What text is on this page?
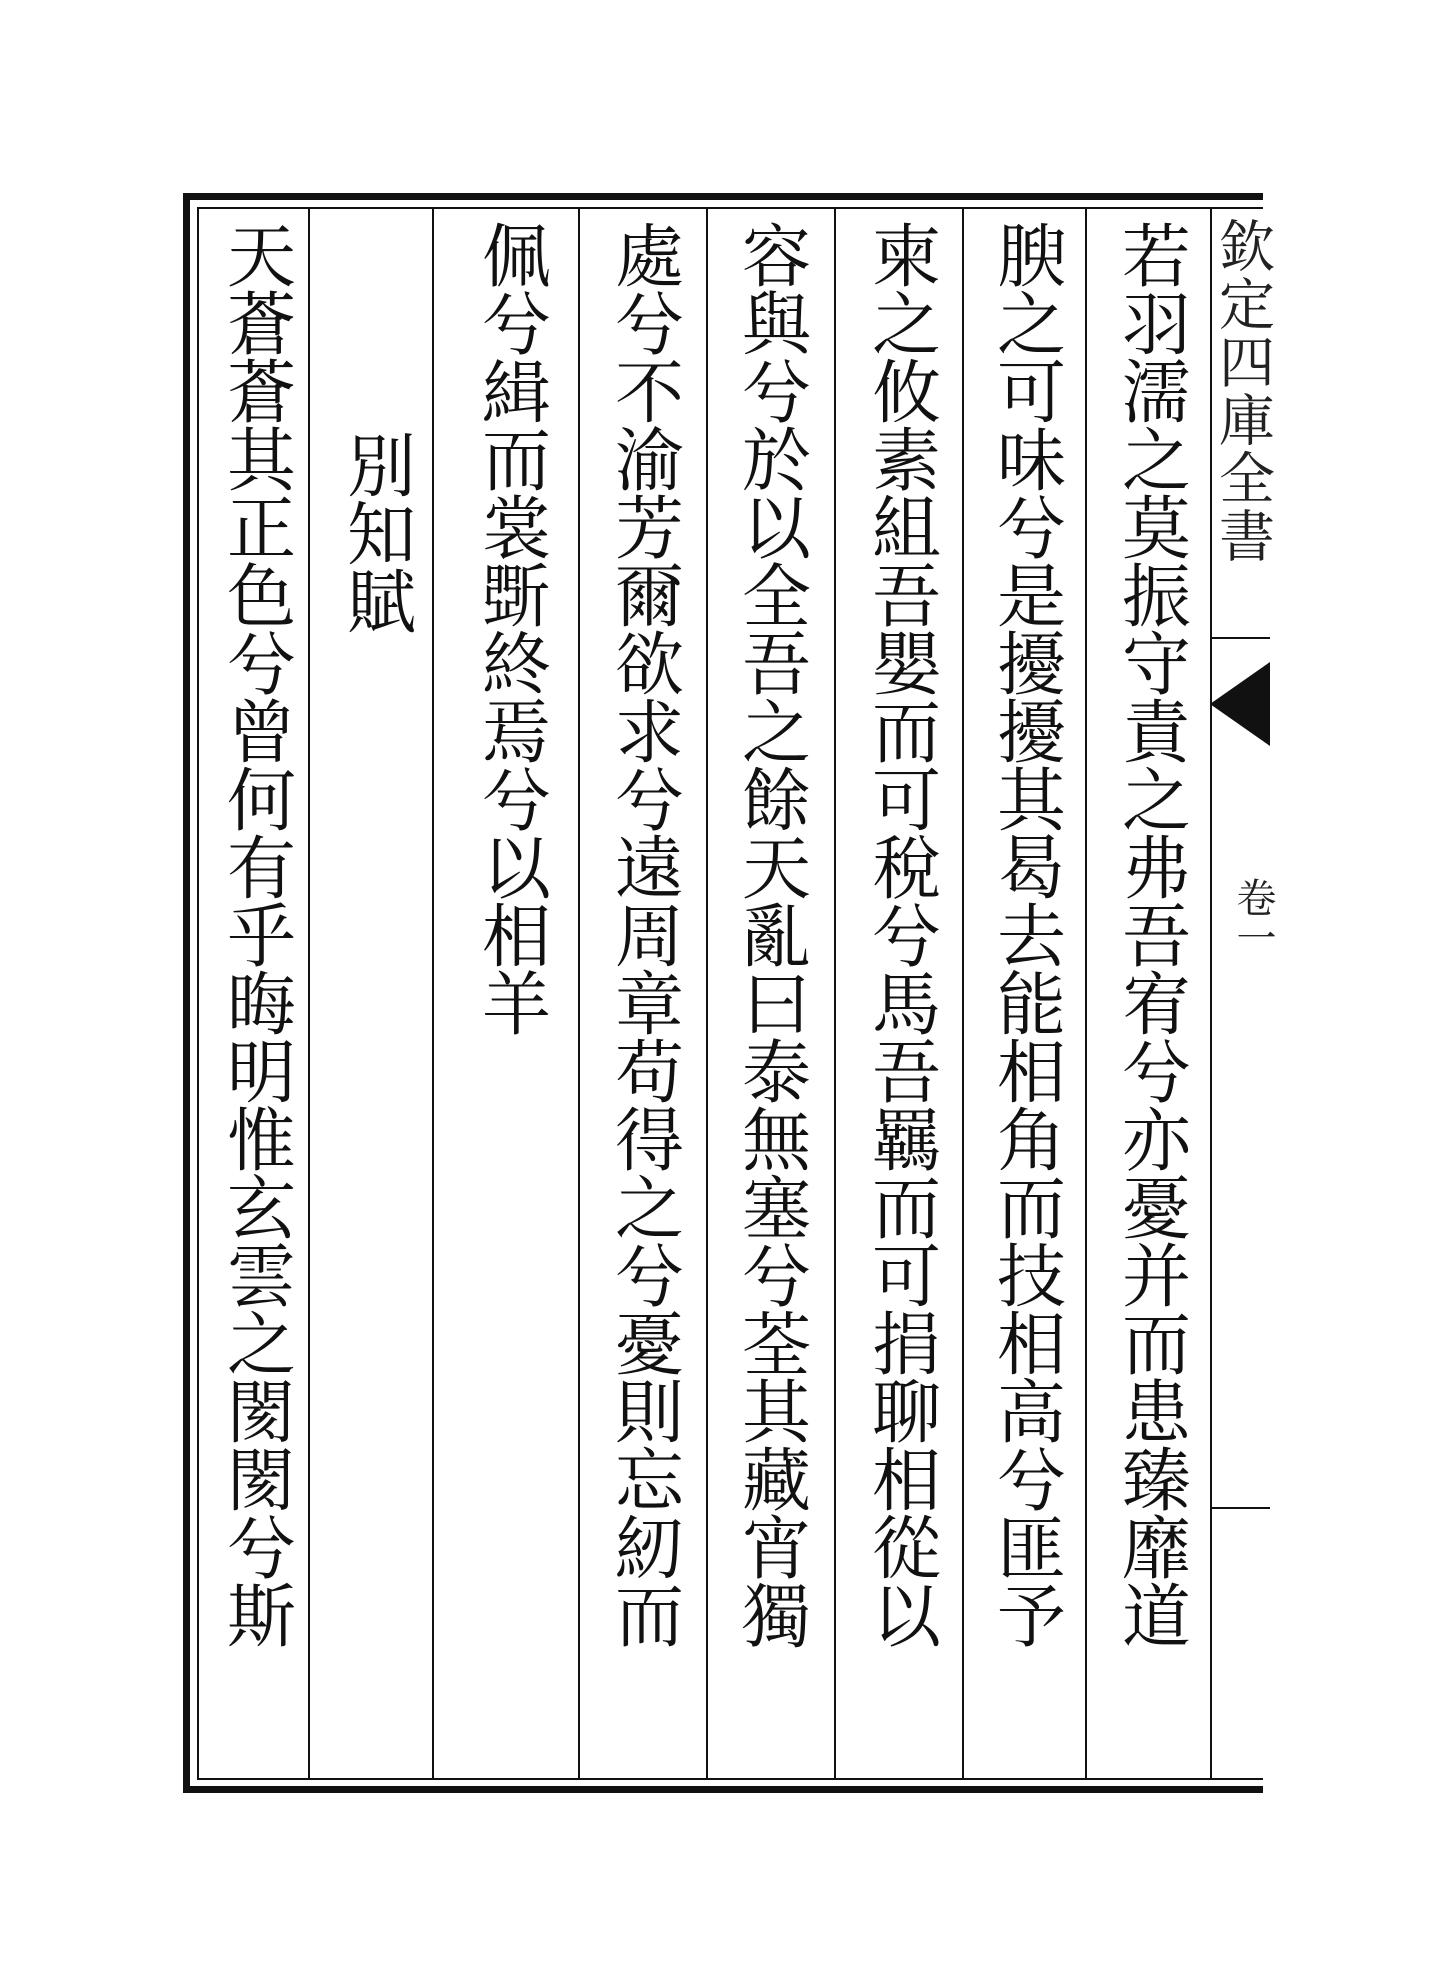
若羽濡之莫振守責之弗吾宥兮亦憂并而患臻靡道
腴之可味兮是擾擾其曷去能相角而技相高兮匪予
柬之攸素組吾嬰而可稅兮馬吾羈而可捐聊相從以
容與兮於以全吾之餘天亂曰泰無塞兮荃其藏宵獨
處兮不渝芳爾欲求兮遠周章苟得之兮憂則忘紉而
佩兮緝而裳斲終焉兮以相羊
別知賦
天蒼蒼其正色兮曾何有乎晦明惟玄雲之閡閡兮斯	欽定四庫全書
卷一
